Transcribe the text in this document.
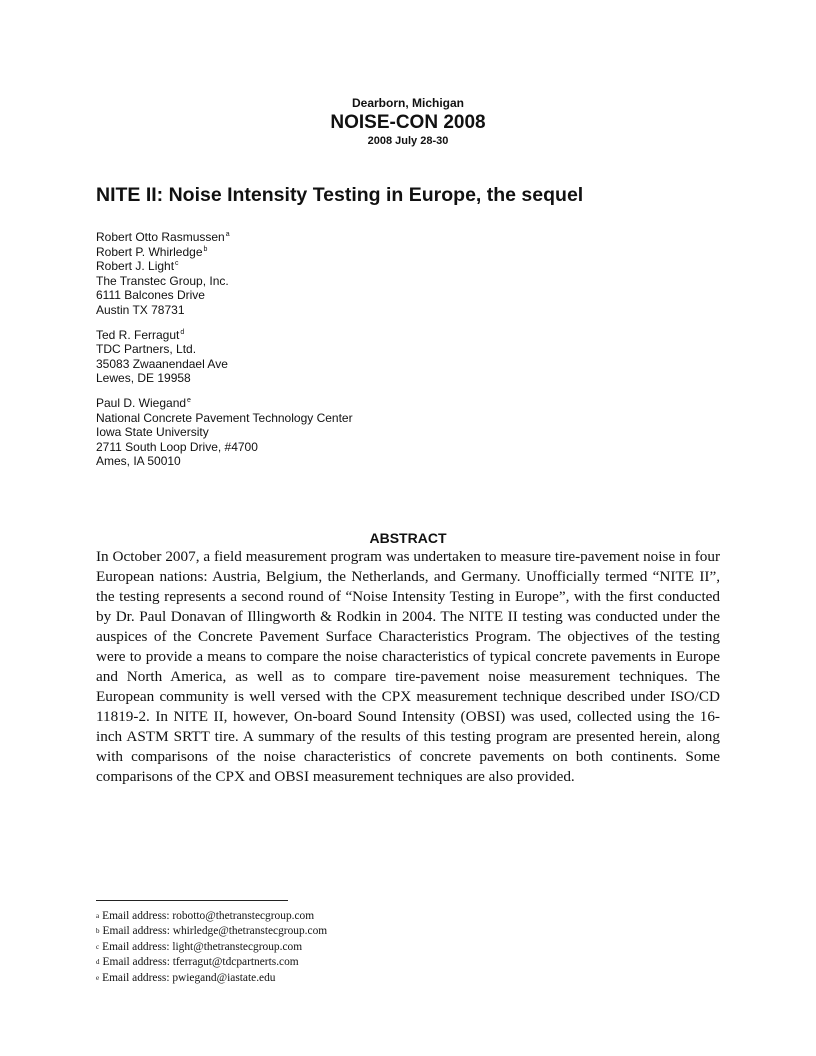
Dearborn, Michigan
NOISE-CON 2008
2008 July 28-30
NITE II: Noise Intensity Testing in Europe, the sequel
Robert Otto Rasmussen$^a$
Robert P. Whirledge$^b$
Robert J. Light$^c$
The Transtec Group, Inc.
6111 Balcones Drive
Austin TX 78731
Ted R. Ferragut$^d$
TDC Partners, Ltd.
35083 Zwaanendael Ave
Lewes, DE 19958
Paul D. Wiegand$^e$
National Concrete Pavement Technology Center
Iowa State University
2711 South Loop Drive, #4700
Ames, IA 50010
ABSTRACT

In October 2007, a field measurement program was undertaken to measure tire-pavement noise in four European nations: Austria, Belgium, the Netherlands, and Germany. Unofficially termed “NITE II”, the testing represents a second round of “Noise Intensity Testing in Europe”, with the first conducted by Dr. Paul Donavan of Illingworth & Rodkin in 2004. The NITE II testing was conducted under the auspices of the Concrete Pavement Surface Characteristics Program. The objectives of the testing were to provide a means to compare the noise characteristics of typical concrete pavements in Europe and North America, as well as to compare tire-pavement noise measurement techniques. The European community is well versed with the CPX measurement technique described under ISO/CD 11819-2. In NITE II, however, On-board Sound Intensity (OBSI) was used, collected using the 16-inch ASTM SRTT tire. A summary of the results of this testing program are presented herein, along with comparisons of the noise characteristics of concrete pavements on both continents. Some comparisons of the CPX and OBSI measurement techniques are also provided.

$^a$ Email address: robotto@thetranstecgroup.com
$^b$ Email address: whirledge@thetranstecgroup.com
$^c$ Email address: light@thetranstecgroup.com
$^d$ Email address: tferragut@tdcpartnerts.com
$^e$ Email address: pwiegand@iastate.edu
